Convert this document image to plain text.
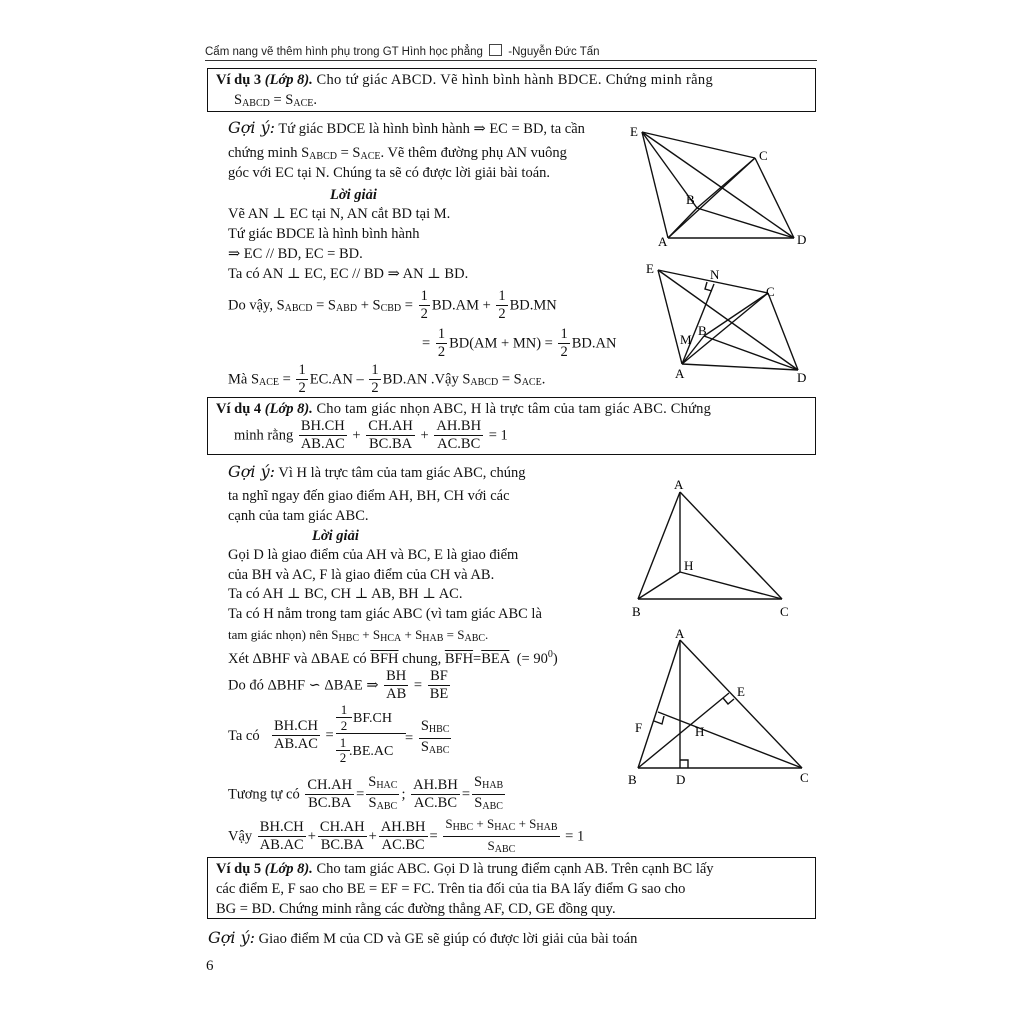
Cẩm nang vẽ thêm hình phụ trong GT Hình học phẳng -Nguyễn Đức Tấn
Ví dụ 3 (Lớp 8). Cho tứ giác ABCD. Vẽ hình bình hành BDCE. Chứng minh rằng
$S_{ABCD} = S_{ACE}$.
Gợi ý: Tứ giác BDCE là hình bình hành ⇒ EC = BD, ta cần
chứng minh $S_{ABCD} = S_{ACE}$. Vẽ thêm đường phụ AN vuông
góc với EC tại N. Chúng ta sẽ có được lời giải bài toán.
Lời giải
Vẽ AN ⊥ EC tại N, AN cắt BD tại M.
Tứ giác BDCE là hình bình hành
⇒ EC // BD, EC = BD.
Ta có AN ⊥ EC, EC // BD ⇒ AN ⊥ BD.
Do vậy, $S_{ABCD} = S_{ABD} + S_{CBD} = \frac{1}{2} BD.AM + \frac{1}{2} BD.MN$
= $\frac{1}{2} BD(AM + MN) = \frac{1}{2} BD.AN$
Mà $S_{ACE} = \frac{1}{2} EC.AN - \frac{1}{2} BD.AN$ .Vậy $S_{ABCD} = S_{ACE}$.
E
C
B
A	D
E	N
C
B
M
A	D
Ví dụ 4 (Lớp 8). Cho tam giác nhọn ABC, H là trực tâm của tam giác ABC. Chứng
minh rằng $\frac{BH.CH}{AB.AC} + \frac{CH.AH}{BC.BA} + \frac{AH.BH}{AC.BC} = 1$
Gợi ý: Vì H là trực tâm của tam giác ABC, chúng
ta nghĩ ngay đến giao điểm AH, BH, CH với các
cạnh của tam giác ABC.
Lời giải
Gọi D là giao điểm của AH và BC, E là giao điểm
của BH và AC, F là giao điểm của CH và AB.
Ta có AH ⊥ BC, CH ⊥ AB, BH ⊥ AC.
Ta có H nằm trong tam giác ABC (vì tam giác ABC là
tam giác nhọn) nên $S_{HBC} + S_{HCA} + S_{HAB} = S_{ABC}$.
Xét ΔBHF và ΔBAE có $\overline{BFH}$ chung, $\overline{BFH}=\overline{BEA}$ (= $90^0$)
Do đó ΔBHF ∽ ΔBAE ⇒ $\frac{BH}{AB} = \frac{BF}{BE}$
Ta có $\frac{BH.CH}{AB.AC}$ =
1
2 BF.CH
1
2 .BE.AC
= $\frac{S_{HBC}}{S_{ABC}}$
Tương tự có $\frac{CH.AH}{BC.BA} = \frac{S_{HAC}}{S_{ABC}}$ ; $\frac{AH.BH}{AC.BC} = \frac{S_{HAB}}{S_{ABC}}$
Vậy $\frac{BH.CH}{AB.AC} + \frac{CH.AH}{BC.BA} + \frac{AH.BH}{AC.BC} = \frac{S_{HBC} + S_{HAC} + S_{HAB}}{S_{ABC}} = 1$
A
H
B	C
A
E
F	H
B	D	C
Ví dụ 5 (Lớp 8). Cho tam giác ABC. Gọi D là trung điểm cạnh AB. Trên cạnh BC lấy
các điểm E, F sao cho BE = EF = FC. Trên tia đối của tia BA lấy điểm G sao cho
BG = BD. Chứng minh rằng các đường thẳng AF, CD, GE đồng quy.
Gợi ý: Giao điểm M của CD và GE sẽ giúp có được lời giải của bài toán
6
